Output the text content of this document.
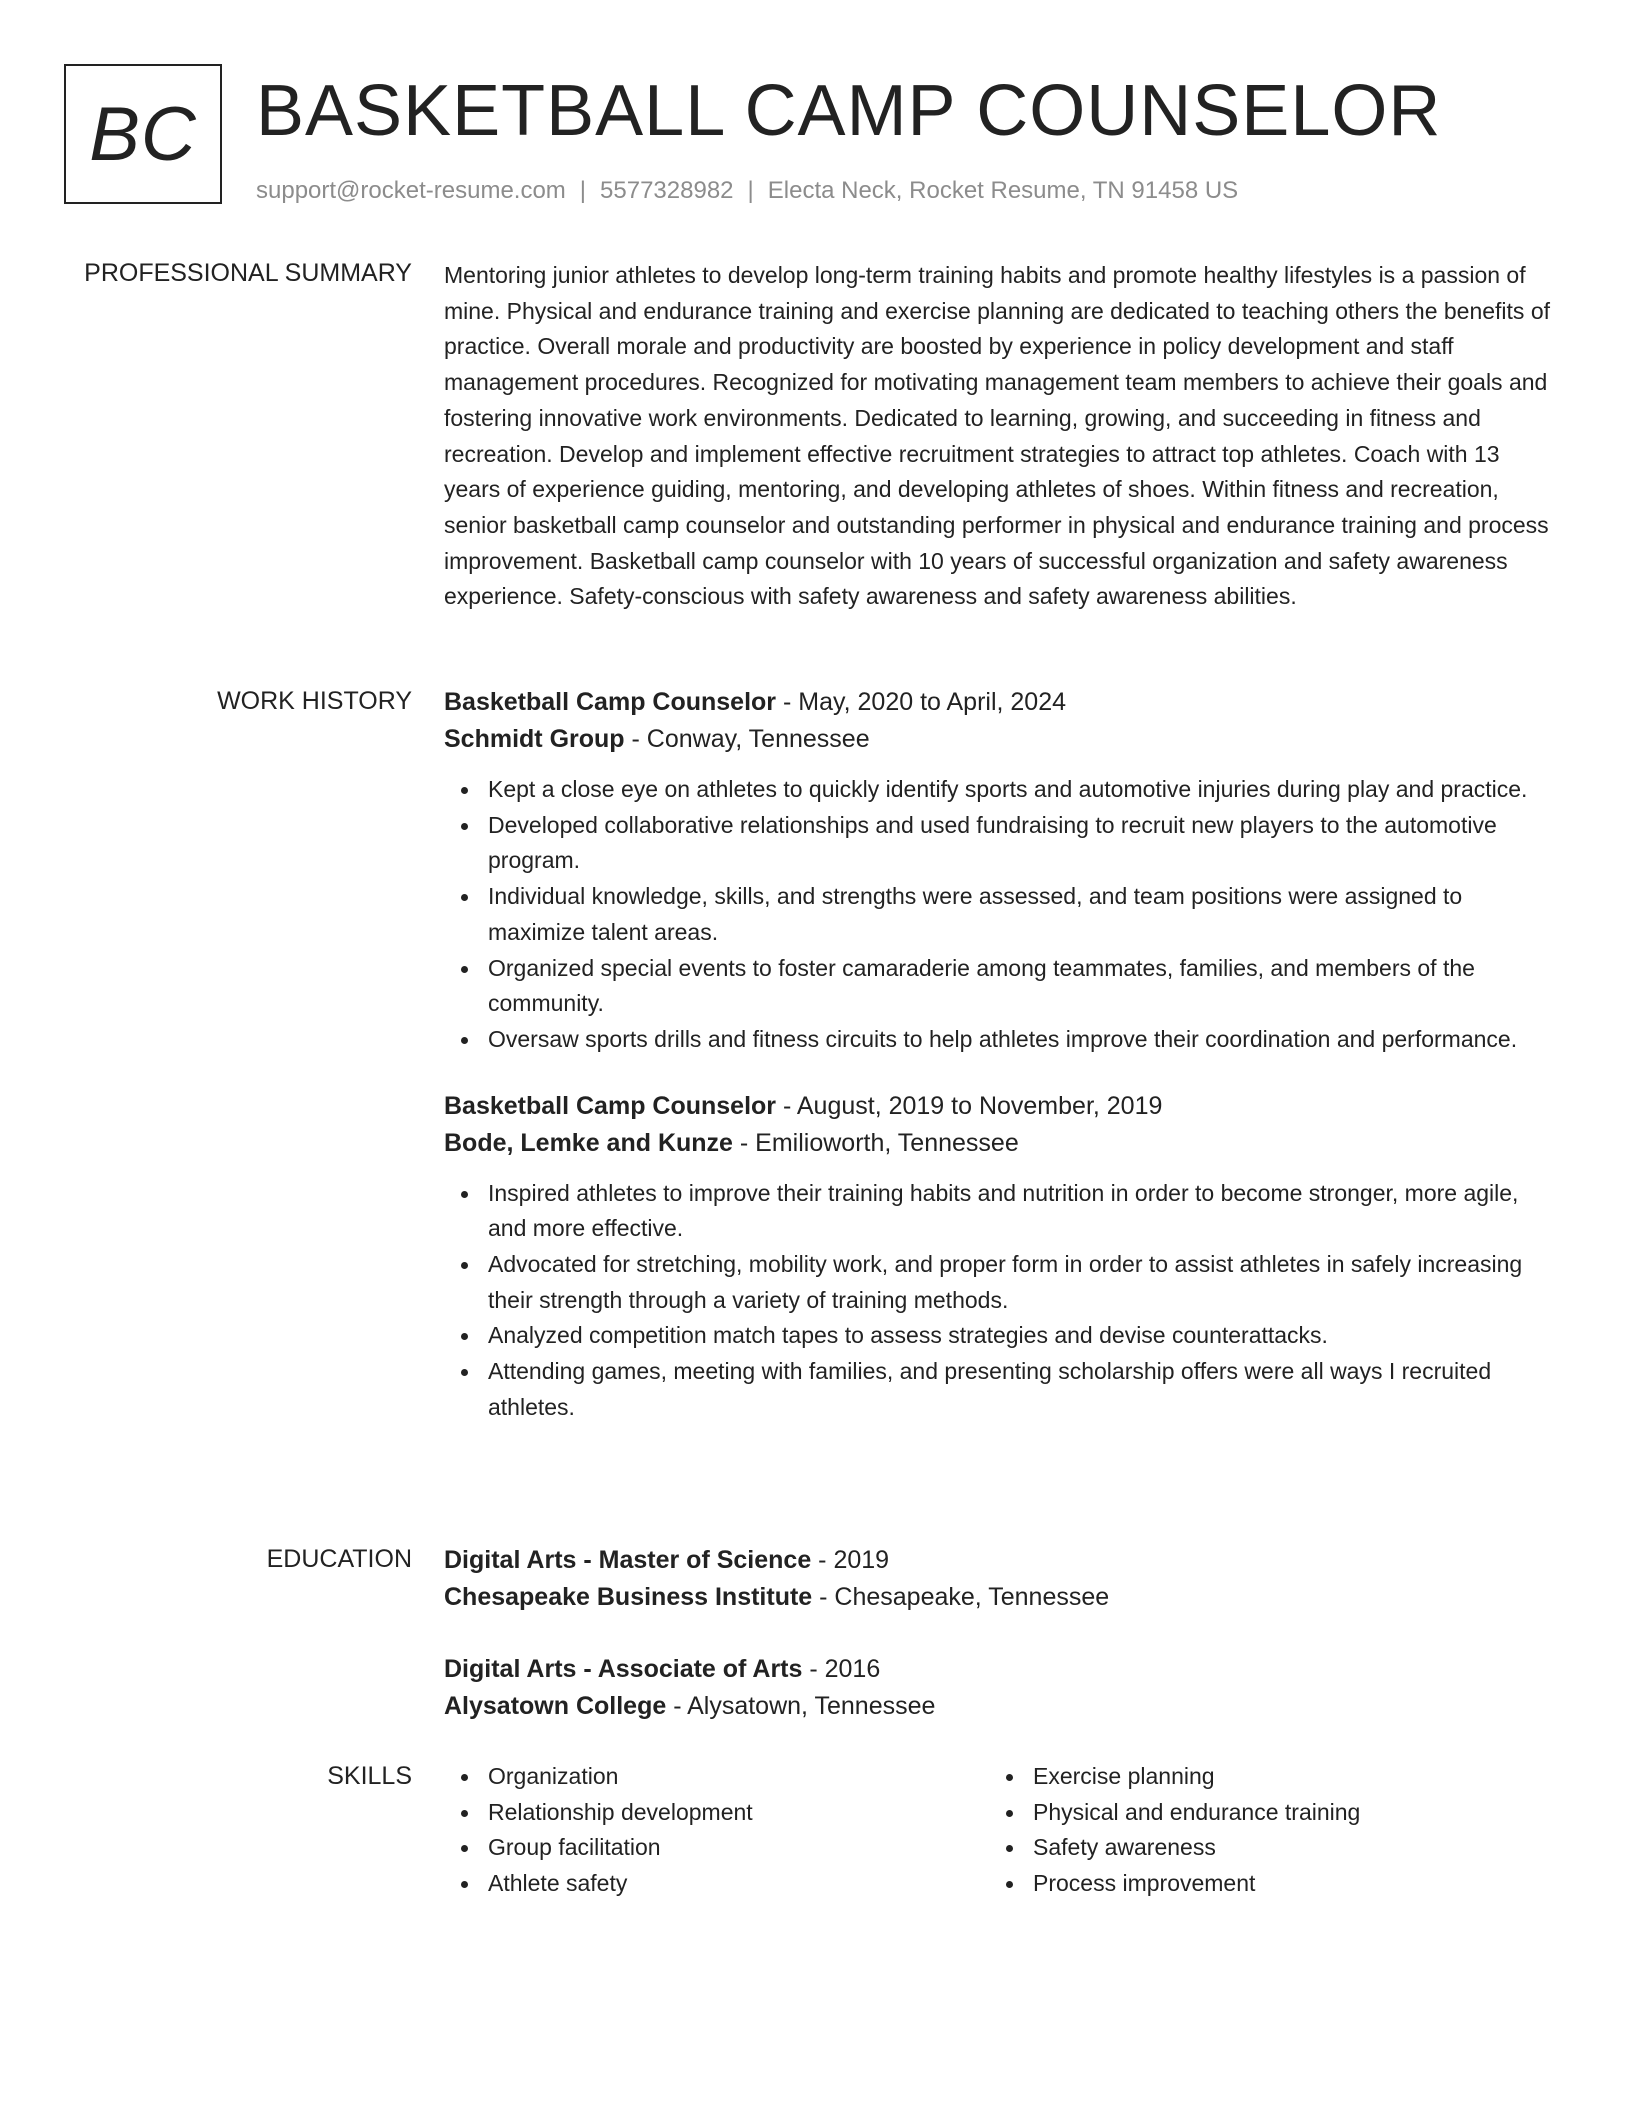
BC BASKETBALL CAMP COUNSELOR
support@rocket-resume.com | 5577328982 | Electa Neck, Rocket Resume, TN 91458 US
PROFESSIONAL SUMMARY Mentoring junior athletes to develop long-term training habits and promote healthy lifestyles is a passion of mine. Physical and endurance training and exercise planning are dedicated to teaching others the benefits of practice. Overall morale and productivity are boosted by experience in policy development and staff management procedures. Recognized for motivating management team members to achieve their goals and fostering innovative work environments. Dedicated to learning, growing, and succeeding in fitness and recreation. Develop and implement effective recruitment strategies to attract top athletes. Coach with 13 years of experience guiding, mentoring, and developing athletes of shoes. Within fitness and recreation, senior basketball camp counselor and outstanding performer in physical and endurance training and process improvement. Basketball camp counselor with 10 years of successful organization and safety awareness experience. Safety-conscious with safety awareness and safety awareness abilities.

WORK HISTORY Basketball Camp Counselor - May, 2020 to April, 2024
Schmidt Group - Conway, Tennessee
Kept a close eye on athletes to quickly identify sports and automotive injuries during play and practice.
Developed collaborative relationships and used fundraising to recruit new players to the automotive program.
Individual knowledge, skills, and strengths were assessed, and team positions were assigned to maximize talent areas.
Organized special events to foster camaraderie among teammates, families, and members of the community.
Oversaw sports drills and fitness circuits to help athletes improve their coordination and performance.
Basketball Camp Counselor - August, 2019 to November, 2019
Bode, Lemke and Kunze - Emilioworth, Tennessee
Inspired athletes to improve their training habits and nutrition in order to become stronger, more agile, and more effective.
Advocated for stretching, mobility work, and proper form in order to assist athletes in safely increasing their strength through a variety of training methods.
Analyzed competition match tapes to assess strategies and devise counterattacks.
Attending games, meeting with families, and presenting scholarship offers were all ways I recruited athletes.
EDUCATION Digital Arts - Master of Science - 2019
Chesapeake Business Institute - Chesapeake, Tennessee
Digital Arts - Associate of Arts - 2016
Alysatown College - Alysatown, Tennessee
SKILLS	Organization
Relationship development
Group facilitation
Athlete safety
Exercise planning
Physical and endurance training
Safety awareness
Process improvement
